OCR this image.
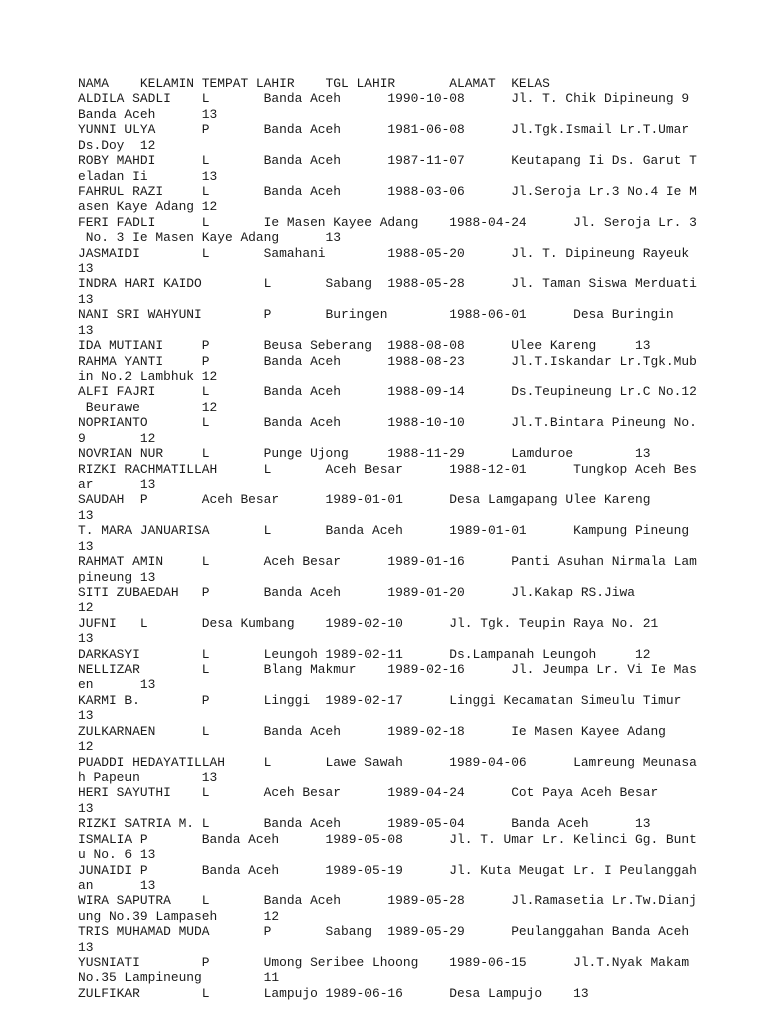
NAMA    KELAMIN TEMPAT LAHIR    TGL LAHIR       ALAMAT  KELAS
ALDILA SADLI    L       Banda Aceh      1990-10-08      Jl. T. Chik Dipineung 9
Banda Aceh      13
YUNNI ULYA      P       Banda Aceh      1981-06-08      Jl.Tgk.Ismail Lr.T.Umar
Ds.Doy  12
ROBY MAHDI      L       Banda Aceh      1987-11-07      Keutapang Ii Ds. Garut T
eladan Ii       13
FAHRUL RAZI     L       Banda Aceh      1988-03-06      Jl.Seroja Lr.3 No.4 Ie M
asen Kaye Adang 12
FERI FADLI      L       Ie Masen Kayee Adang    1988-04-24      Jl. Seroja Lr. 3
No. 3 Ie Masen Kaye Adang      13
JASMAIDI        L       Samahani        1988-05-20      Jl. T. Dipineung Rayeuk
13
INDRA HARI KAIDO        L       Sabang  1988-05-28      Jl. Taman Siswa Merduati
13
NANI SRI WAHYUNI        P       Buringen        1988-06-01      Desa Buringin
13
IDA MUTIANI     P       Beusa Seberang  1988-08-08      Ulee Kareng     13
RAHMA YANTI     P       Banda Aceh      1988-08-23      Jl.T.Iskandar Lr.Tgk.Mub
in No.2 Lambhuk 12
ALFI FAJRI      L       Banda Aceh      1988-09-14      Ds.Teupineung Lr.C No.12
Beurawe        12
NOPRIANTO       L       Banda Aceh      1988-10-10      Jl.T.Bintara Pineung No.
9       12
NOVRIAN NUR     L       Punge Ujong     1988-11-29      Lamduroe        13
RIZKI RACHMATILLAH      L       Aceh Besar      1988-12-01      Tungkop Aceh Bes
ar      13
SAUDAH  P       Aceh Besar      1989-01-01      Desa Lamgapang Ulee Kareng
13
T. MARA JANUARISA       L       Banda Aceh      1989-01-01      Kampung Pineung
13
RAHMAT AMIN     L       Aceh Besar      1989-01-16      Panti Asuhan Nirmala Lam
pineung 13
SITI ZUBAEDAH   P       Banda Aceh      1989-01-20      Jl.Kakap RS.Jiwa
12
JUFNI   L       Desa Kumbang    1989-02-10      Jl. Tgk. Teupin Raya No. 21
13
DARKASYI        L       Leungoh 1989-02-11      Ds.Lampanah Leungoh     12
NELLIZAR        L       Blang Makmur    1989-02-16      Jl. Jeumpa Lr. Vi Ie Mas
en      13
KARMI B.        P       Linggi  1989-02-17      Linggi Kecamatan Simeulu Timur
13
ZULKARNAEN      L       Banda Aceh      1989-02-18      Ie Masen Kayee Adang
12
PUADDI HEDAYATILLAH     L       Lawe Sawah      1989-04-06      Lamreung Meunasa
h Papeun        13
HERI SAYUTHI    L       Aceh Besar      1989-04-24      Cot Paya Aceh Besar
13
RIZKI SATRIA M. L       Banda Aceh      1989-05-04      Banda Aceh      13
ISMALIA P       Banda Aceh      1989-05-08      Jl. T. Umar Lr. Kelinci Gg. Bunt
u No. 6 13
JUNAIDI P       Banda Aceh      1989-05-19      Jl. Kuta Meugat Lr. I Peulanggah
an      13
WIRA SAPUTRA    L       Banda Aceh      1989-05-28      Jl.Ramasetia Lr.Tw.Dianj
ung No.39 Lampaseh      12
TRIS MUHAMAD MUDA       P       Sabang  1989-05-29      Peulanggahan Banda Aceh
13
YUSNIATI        P       Umong Seribee Lhoong    1989-06-15      Jl.T.Nyak Makam
No.35 Lampineung        11
ZULFIKAR        L       Lampujo 1989-06-16      Desa Lampujo    13
